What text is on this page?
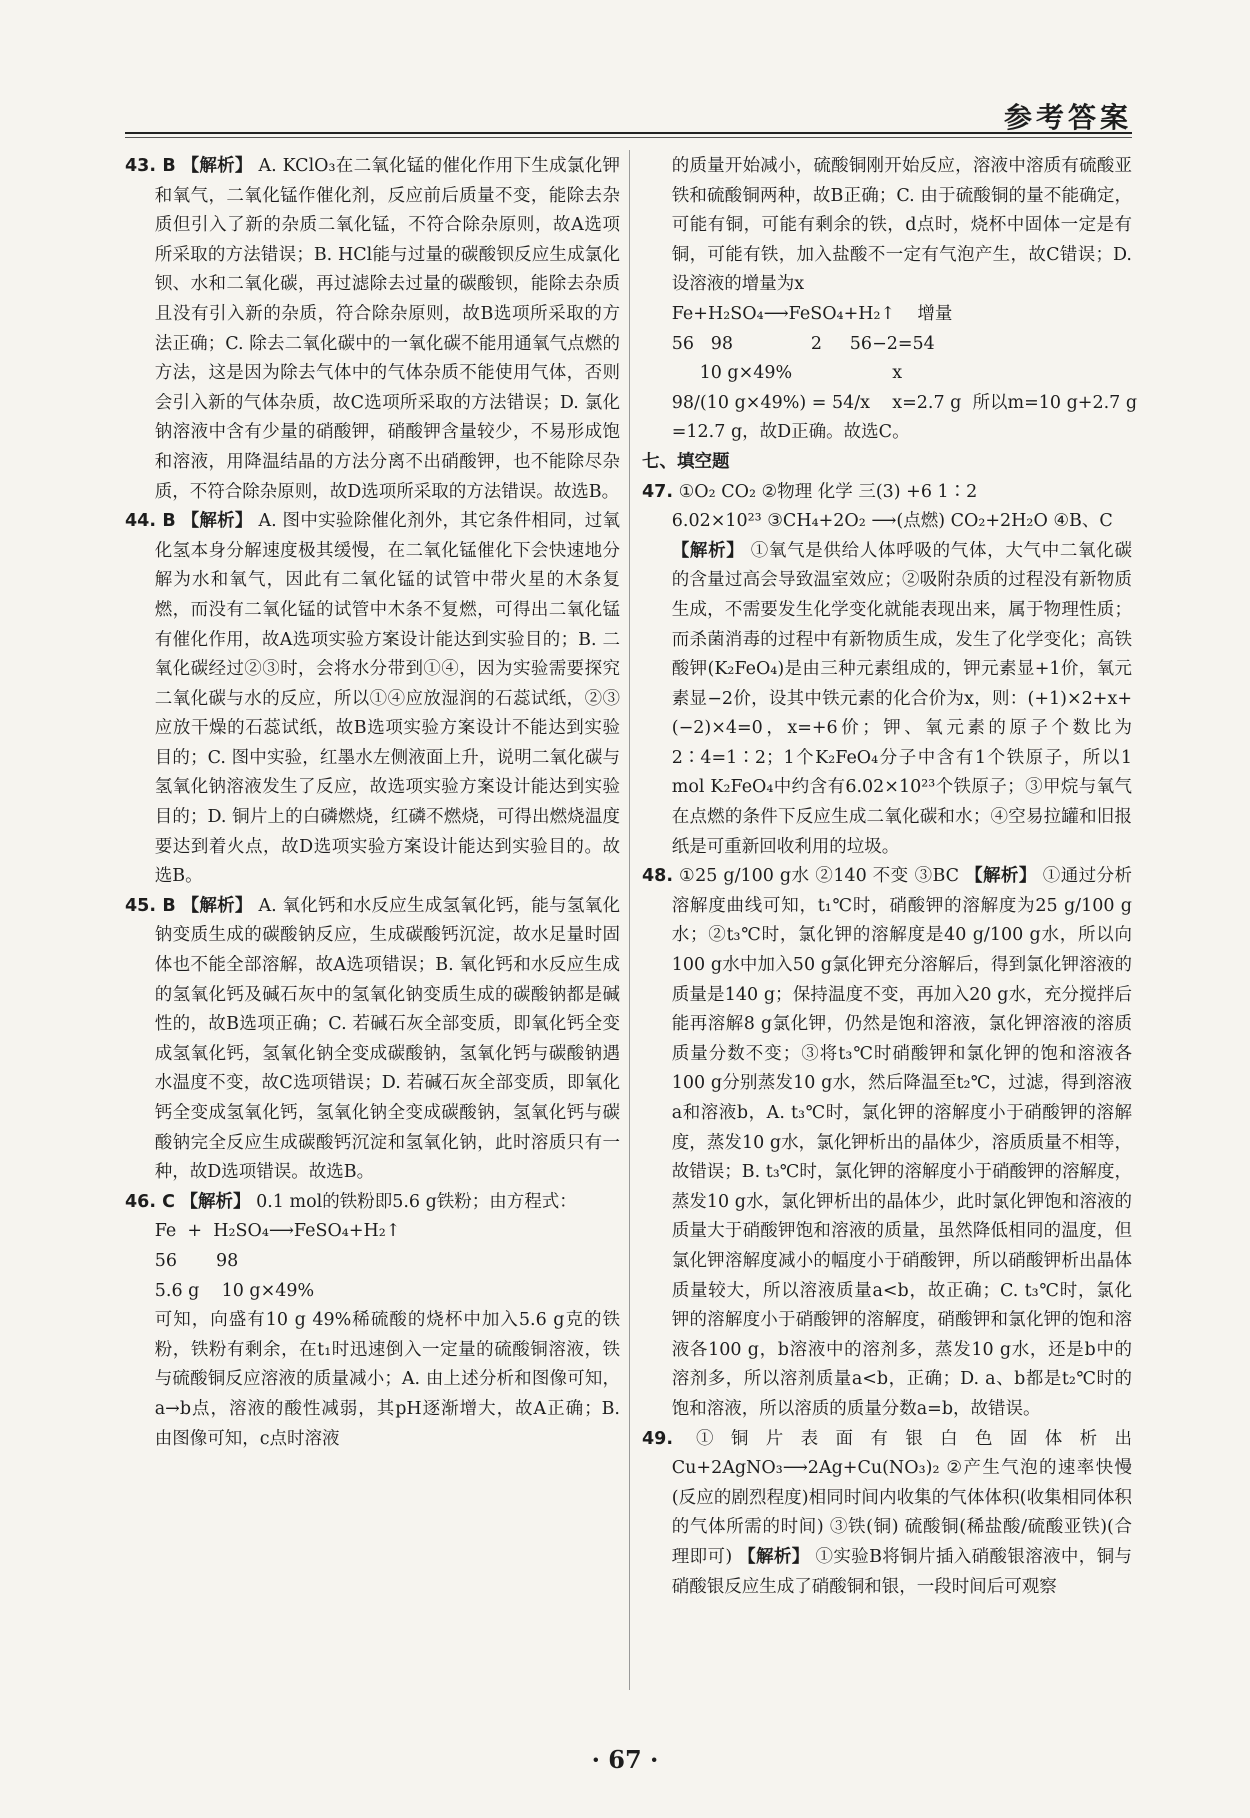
参考答案
43. B 【解析】 A. KClO₃在二氧化锰的催化作用下生成氯化钾和氧气，二氧化锰作催化剂，反应前后质量不变，能除去杂质但引入了新的杂质二氧化锰，不符合除杂原则，故A选项所采取的方法错误；B. HCl能与过量的碳酸钡反应生成氯化钡、水和二氧化碳，再过滤除去过量的碳酸钡，能除去杂质且没有引入新的杂质，符合除杂原则，故B选项所采取的方法正确；C. 除去二氧化碳中的一氧化碳不能用通氧气点燃的方法，这是因为除去气体中的气体杂质不能使用气体，否则会引入新的气体杂质，故C选项所采取的方法错误；D. 氯化钠溶液中含有少量的硝酸钾，硝酸钾含量较少，不易形成饱和溶液，用降温结晶的方法分离不出硝酸钾，也不能除尽杂质，不符合除杂原则，故D选项所采取的方法错误。故选B。
44. B 【解析】 A. 图中实验除催化剂外，其它条件相同，过氧化氢本身分解速度极其缓慢，在二氧化锰催化下会快速地分解为水和氧气，因此有二氧化锰的试管中带火星的木条复燃，而没有二氧化锰的试管中木条不复燃，可得出二氧化锰有催化作用，故A选项实验方案设计能达到实验目的；B. 二氧化碳经过②③时，会将水分带到①④，因为实验需要探究二氧化碳与水的反应，所以①④应放湿润的石蕊试纸，②③应放干燥的石蕊试纸，故B选项实验方案设计不能达到实验目的；C. 图中实验，红墨水左侧液面上升，说明二氧化碳与氢氧化钠溶液发生了反应，故选项实验方案设计能达到实验目的；D. 铜片上的白磷燃烧，红磷不燃烧，可得出燃烧温度要达到着火点，故D选项实验方案设计能达到实验目的。故选B。
45. B 【解析】 A. 氧化钙和水反应生成氢氧化钙，能与氢氧化钠变质生成的碳酸钠反应，生成碳酸钙沉淀，故水足量时固体也不能全部溶解，故A选项错误；B. 氧化钙和水反应生成的氢氧化钙及碱石灰中的氢氧化钠变质生成的碳酸钠都是碱性的，故B选项正确；C. 若碱石灰全部变质，即氧化钙全变成氢氧化钙，氢氧化钠全变成碳酸钠，氢氧化钙与碳酸钠遇水温度不变，故C选项错误；D. 若碱石灰全部变质，即氧化钙全变成氢氧化钙，氢氧化钠全变成碳酸钠，氢氧化钙与碳酸钠完全反应生成碳酸钙沉淀和氢氧化钠，此时溶质只有一种，故D选项错误。故选B。
46. C 【解析】 0.1 mol的铁粉即5.6 g铁粉；由方程式：
Fe  +  H₂SO₄⟶FeSO₄+H₂↑
56       98
5.6 g    10 g×49%
可知，向盛有10 g 49%稀硫酸的烧杯中加入5.6 g克的铁粉，铁粉有剩余，在t₁时迅速倒入一定量的硫酸铜溶液，铁与硫酸铜反应溶液的质量减小；A. 由上述分析和图像可知，a→b点，溶液的酸性减弱，其pH逐渐增大，故A正确；B. 由图像可知，c点时溶液
的质量开始减小，硫酸铜刚开始反应，溶液中溶质有硫酸亚铁和硫酸铜两种，故B正确；C. 由于硫酸铜的量不能确定，可能有铜，可能有剩余的铁，d点时，烧杯中固体一定是有铜，可能有铁，加入盐酸不一定有气泡产生，故C错误；D. 设溶液的增量为x
Fe+H₂SO₄⟶FeSO₄+H₂↑    增量
56   98              2     56−2=54
10 g×49%                  x
98/(10 g×49%) = 54/x    x=2.7 g  所以m=10 g+2.7 g
=12.7 g，故D正确。故选C。
七、填空题
47. ①O₂ CO₂ ②物理 化学 三(3) +6 1∶2
6.02×10²³ ③CH₄+2O₂ ⟶(点燃) CO₂+2H₂O ④B、C
【解析】 ①氧气是供给人体呼吸的气体，大气中二氧化碳的含量过高会导致温室效应；②吸附杂质的过程没有新物质生成，不需要发生化学变化就能表现出来，属于物理性质；而杀菌消毒的过程中有新物质生成，发生了化学变化；高铁酸钾(K₂FeO₄)是由三种元素组成的，钾元素显+1价，氧元素显−2价，设其中铁元素的化合价为x，则：(+1)×2+x+(−2)×4=0，x=+6价；钾、氧元素的原子个数比为2∶4=1∶2；1个K₂FeO₄分子中含有1个铁原子，所以1 mol K₂FeO₄中约含有6.02×10²³个铁原子；③甲烷与氧气在点燃的条件下反应生成二氧化碳和水；④空易拉罐和旧报纸是可重新回收利用的垃圾。
48. ①25 g/100 g水 ②140 不变 ③BC 【解析】 ①通过分析溶解度曲线可知，t₁℃时，硝酸钾的溶解度为25 g/100 g水；②t₃℃时，氯化钾的溶解度是40 g/100 g水，所以向100 g水中加入50 g氯化钾充分溶解后，得到氯化钾溶液的质量是140 g；保持温度不变，再加入20 g水，充分搅拌后能再溶解8 g氯化钾，仍然是饱和溶液，氯化钾溶液的溶质质量分数不变；③将t₃℃时硝酸钾和氯化钾的饱和溶液各100 g分别蒸发10 g水，然后降温至t₂℃，过滤，得到溶液a和溶液b，A. t₃℃时，氯化钾的溶解度小于硝酸钾的溶解度，蒸发10 g水，氯化钾析出的晶体少，溶质质量不相等，故错误；B. t₃℃时，氯化钾的溶解度小于硝酸钾的溶解度，蒸发10 g水，氯化钾析出的晶体少，此时氯化钾饱和溶液的质量大于硝酸钾饱和溶液的质量，虽然降低相同的温度，但氯化钾溶解度减小的幅度小于硝酸钾，所以硝酸钾析出晶体质量较大，所以溶液质量a<b，故正确；C. t₃℃时，氯化钾的溶解度小于硝酸钾的溶解度，硝酸钾和氯化钾的饱和溶液各100 g，b溶液中的溶剂多，蒸发10 g水，还是b中的溶剂多，所以溶剂质量a<b，正确；D. a、b都是t₂℃时的饱和溶液，所以溶质的质量分数a=b，故错误。
49. ①铜片表面有银白色固体析出 Cu+2AgNO₃⟶2Ag+Cu(NO₃)₂ ②产生气泡的速率快慢(反应的剧烈程度)相同时间内收集的气体体积(收集相同体积的气体所需的时间) ③铁(铜) 硫酸铜(稀盐酸/硫酸亚铁)(合理即可) 【解析】 ①实验B将铜片插入硝酸银溶液中，铜与硝酸银反应生成了硝酸铜和银，一段时间后可观察
· 67 ·
